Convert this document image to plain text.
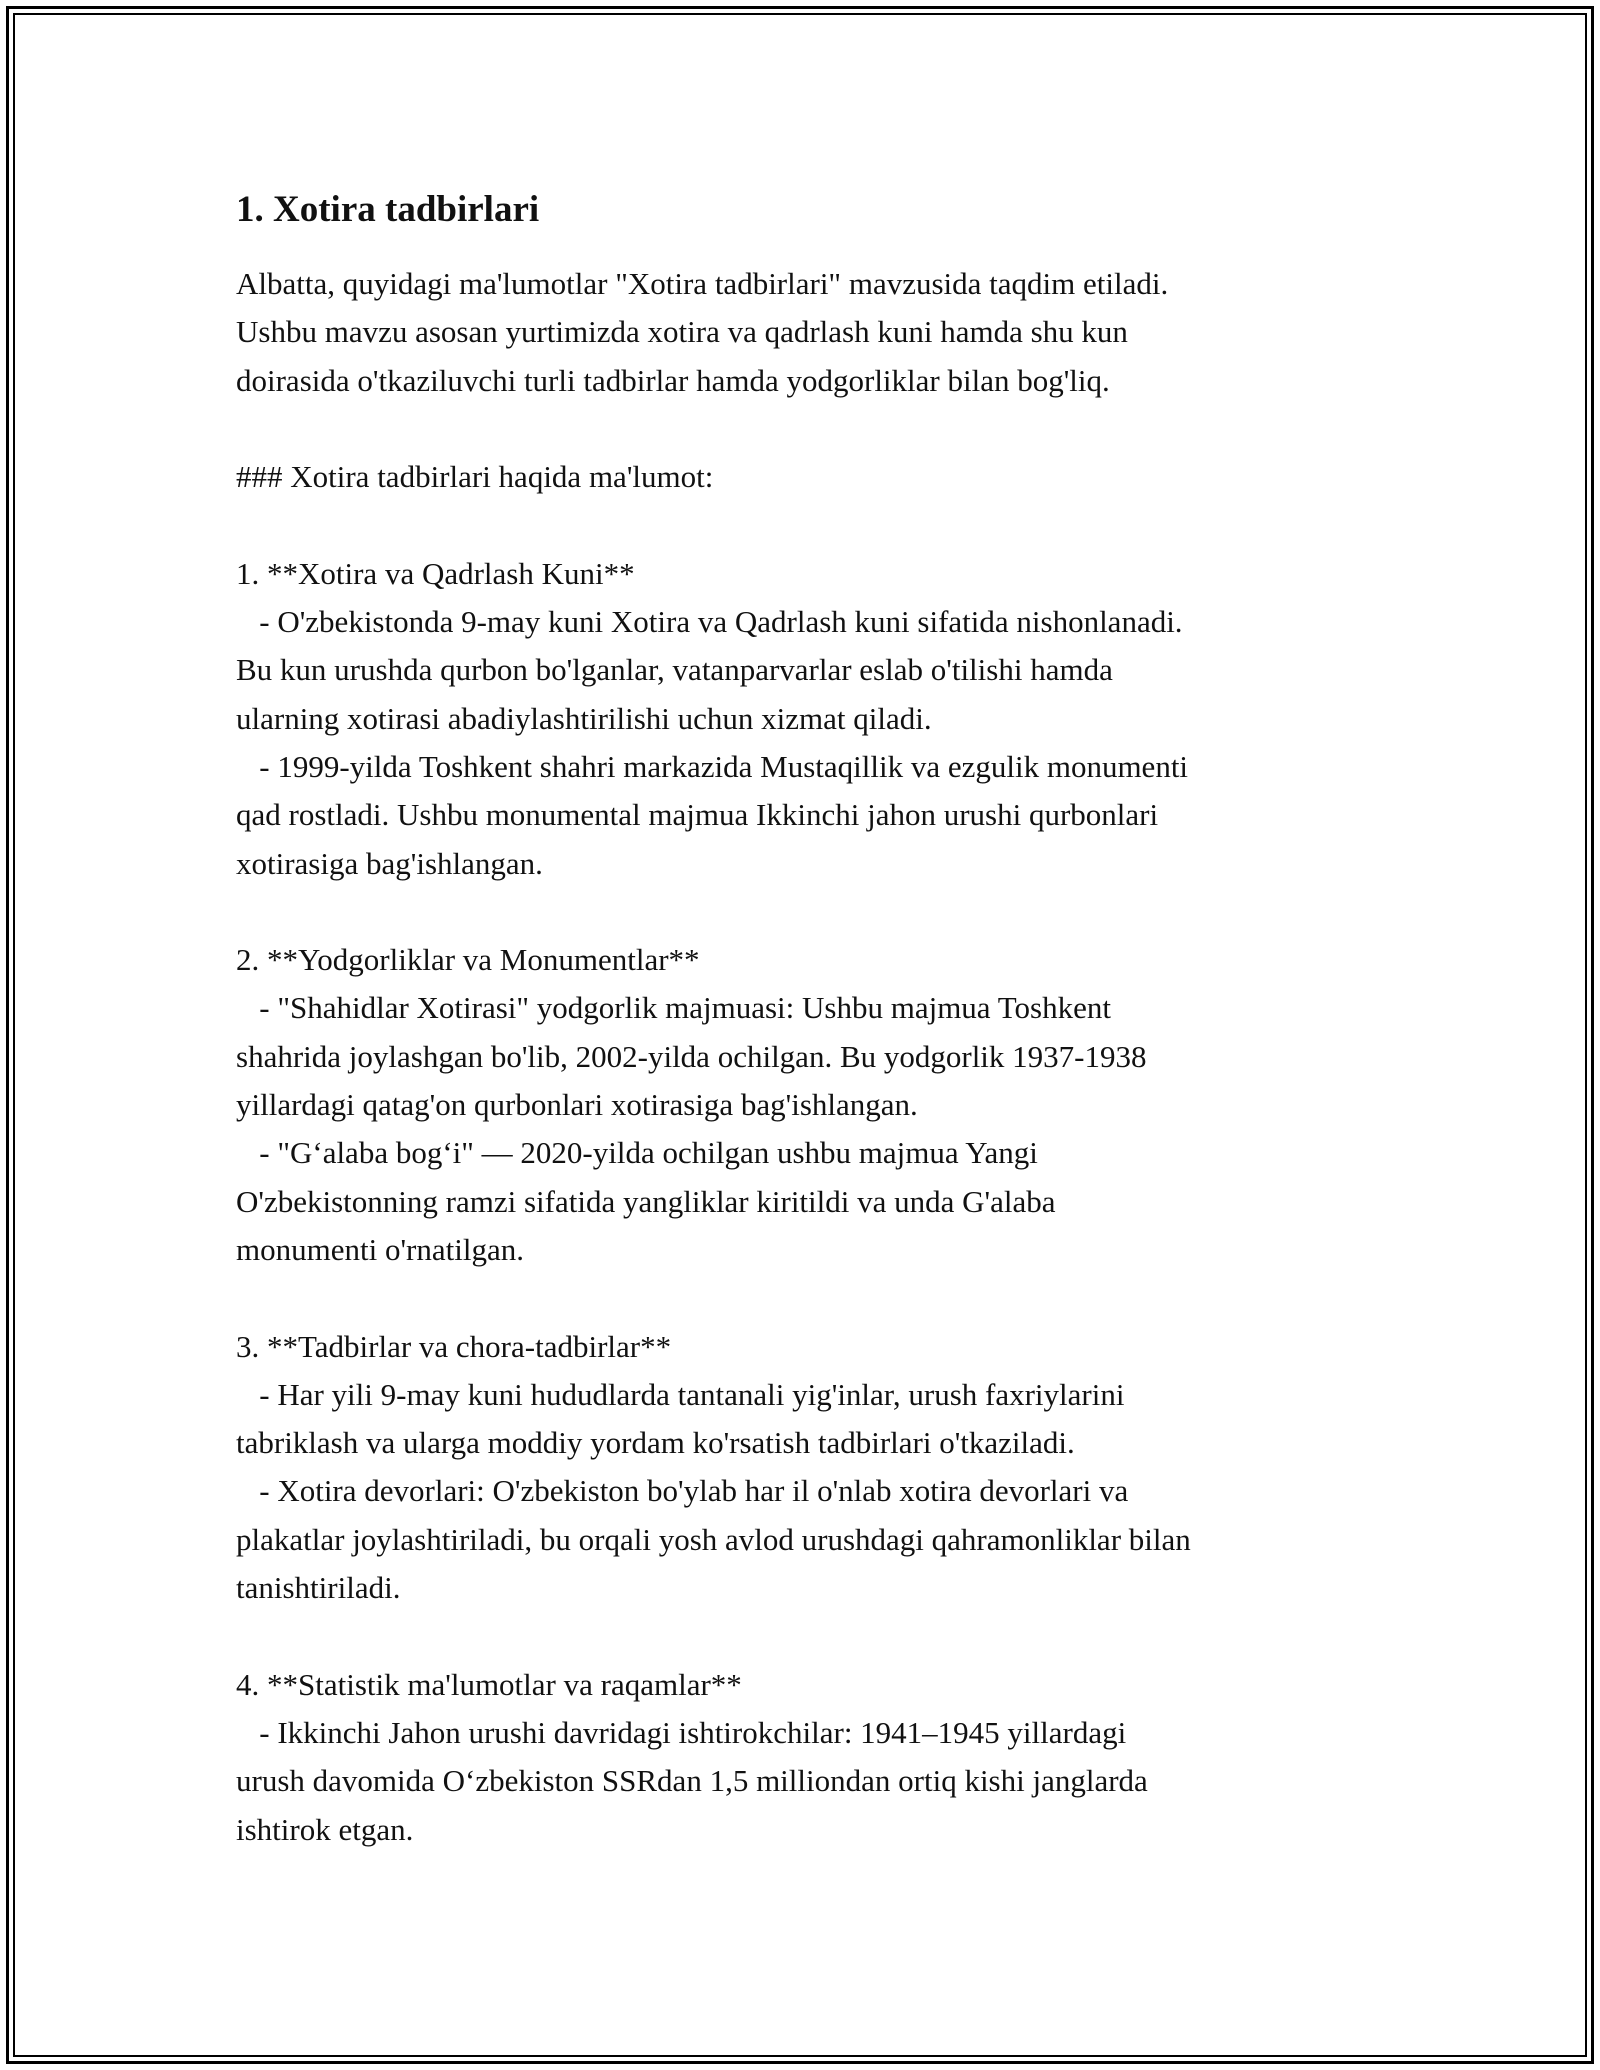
1. Xotira tadbirlari
Albatta, quyidagi ma'lumotlar "Xotira tadbirlari" mavzusida taqdim etiladi.
Ushbu mavzu asosan yurtimizda xotira va qadrlash kuni hamda shu kun
doirasida o'tkaziluvchi turli tadbirlar hamda yodgorliklar bilan bog'liq.
### Xotira tadbirlari haqida ma'lumot:
1. **Xotira va Qadrlash Kuni**
- O'zbekistonda 9-may kuni Xotira va Qadrlash kuni sifatida nishonlanadi.
Bu kun urushda qurbon bo'lganlar, vatanparvarlar eslab o'tilishi hamda
ularning xotirasi abadiylashtirilishi uchun xizmat qiladi.
- 1999-yilda Toshkent shahri markazida Mustaqillik va ezgulik monumenti
qad rostladi. Ushbu monumental majmua Ikkinchi jahon urushi qurbonlari
xotirasiga bag'ishlangan.
2. **Yodgorliklar va Monumentlar**
- "Shahidlar Xotirasi" yodgorlik majmuasi: Ushbu majmua Toshkent
shahrida joylashgan bo'lib, 2002-yilda ochilgan. Bu yodgorlik 1937-1938
yillardagi qatag'on qurbonlari xotirasiga bag'ishlangan.
- "G‘alaba bog‘i" — 2020-yilda ochilgan ushbu majmua Yangi
O'zbekistonning ramzi sifatida yangliklar kiritildi va unda G'alaba
monumenti o'rnatilgan.
3. **Tadbirlar va chora-tadbirlar**
- Har yili 9-may kuni hududlarda tantanali yig'inlar, urush faxriylarini
tabriklash va ularga moddiy yordam ko'rsatish tadbirlari o'tkaziladi.
- Xotira devorlari: O'zbekiston bo'ylab har il o'nlab xotira devorlari va
plakatlar joylashtiriladi, bu orqali yosh avlod urushdagi qahramonliklar bilan
tanishtiriladi.
4. **Statistik ma'lumotlar va raqamlar**
- Ikkinchi Jahon urushi davridagi ishtirokchilar: 1941–1945 yillardagi
urush davomida O‘zbekiston SSRdan 1,5 milliondan ortiq kishi janglarda
ishtirok etgan.
